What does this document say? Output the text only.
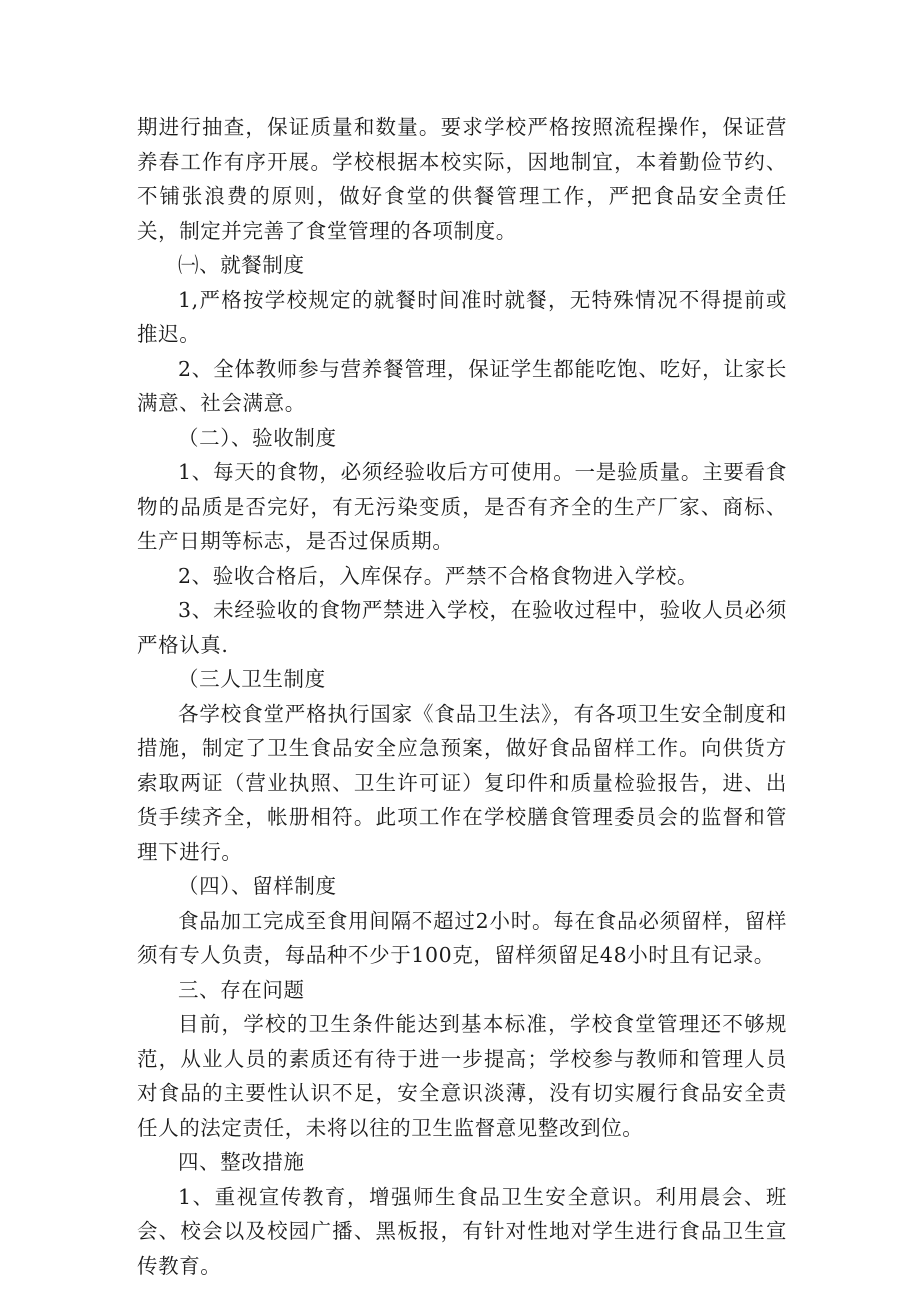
期进行抽查，保证质量和数量。要求学校严格按照流程操作，保证营养春工作有序开展。学校根据本校实际，因地制宜，本着勤俭节约、不铺张浪费的原则，做好食堂的供餐管理工作，严把食品安全责任关，制定并完善了食堂管理的各项制度。

㈠、就餐制度

1,严格按学校规定的就餐时间准时就餐，无特殊情况不得提前或推迟。

2、全体教师参与营养餐管理，保证学生都能吃饱、吃好，让家长满意、社会满意。

（二）、验收制度

1、每天的食物，必须经验收后方可使用。一是验质量。主要看食物的品质是否完好，有无污染变质，是否有齐全的生产厂家、商标、生产日期等标志，是否过保质期。

2、验收合格后，入库保存。严禁不合格食物进入学校。

3、未经验收的食物严禁进入学校，在验收过程中，验收人员必须严格认真.

（三人卫生制度

各学校食堂严格执行国家《食品卫生法》，有各项卫生安全制度和措施，制定了卫生食品安全应急预案，做好食品留样工作。向供货方索取两证（营业执照、卫生许可证）复印件和质量检验报告，进、出货手续齐全，帐册相符。此项工作在学校膳食管理委员会的监督和管理下进行。

（四）、留样制度

食品加工完成至食用间隔不超过2小时。每在食品必须留样，留样须有专人负责，每品种不少于100克，留样须留足48小时且有记录。

三、存在问题

目前，学校的卫生条件能达到基本标准，学校食堂管理还不够规范，从业人员的素质还有待于进一步提高；学校参与教师和管理人员对食品的主要性认识不足，安全意识淡薄，没有切实履行食品安全责任人的法定责任，未将以往的卫生监督意见整改到位。

四、整改措施

1、重视宣传教育，增强师生食品卫生安全意识。利用晨会、班会、校会以及校园广播、黑板报，有针对性地对学生进行食品卫生宣传教育。
